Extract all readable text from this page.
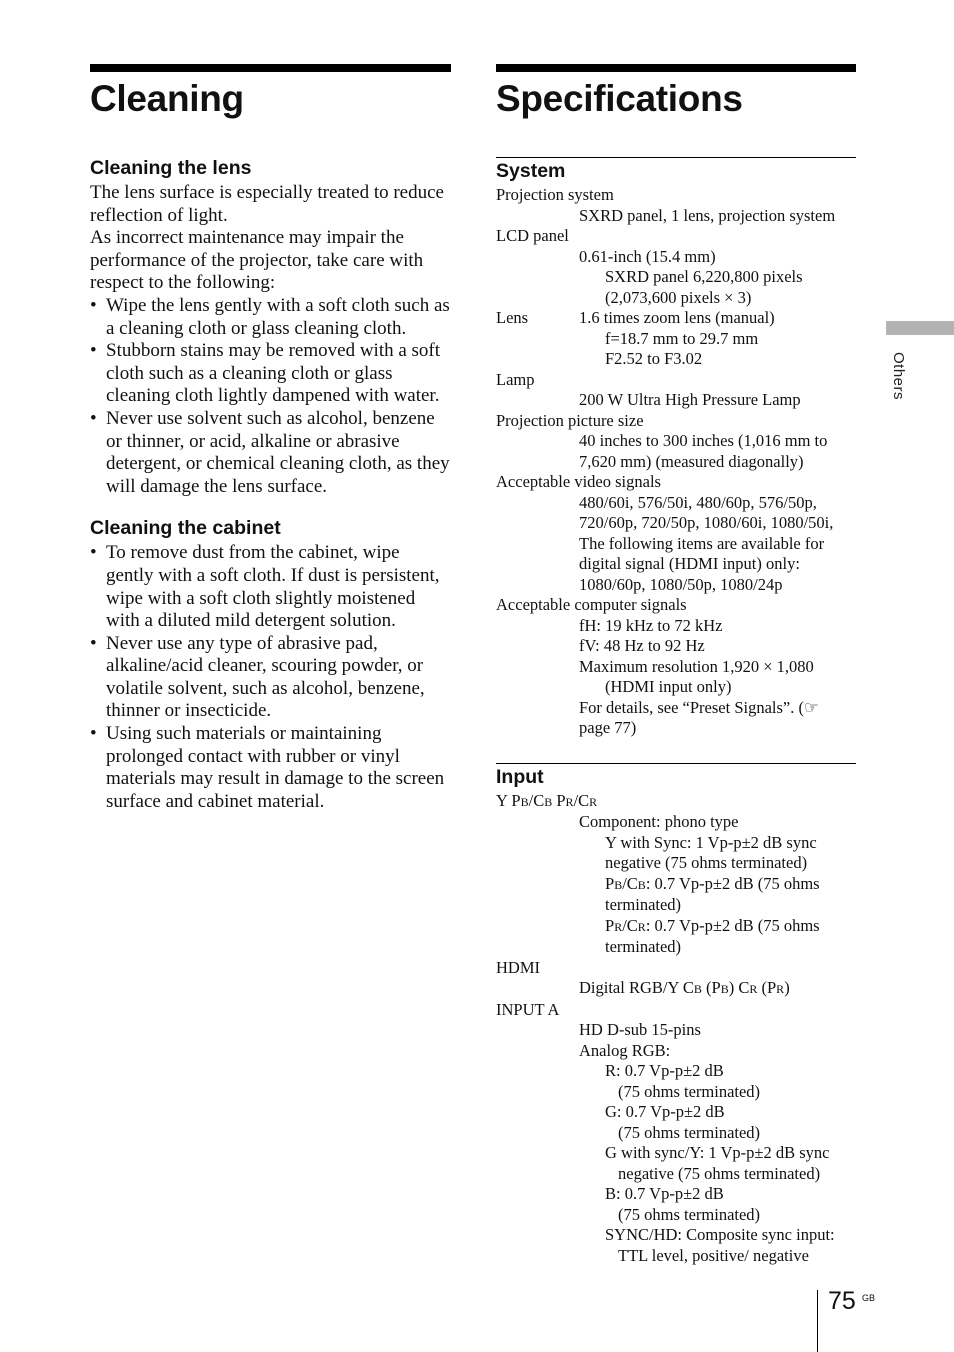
Cleaning
Cleaning the lens
The lens surface is especially treated to reduce reflection of light.
As incorrect maintenance may impair the performance of the projector, take care with respect to the following:
• Wipe the lens gently with a soft cloth such as a cleaning cloth or glass cleaning cloth.
• Stubborn stains may be removed with a soft cloth such as a cleaning cloth or glass cleaning cloth lightly dampened with water.
• Never use solvent such as alcohol, benzene or thinner, or acid, alkaline or abrasive detergent, or chemical cleaning cloth, as they will damage the lens surface.
Cleaning the cabinet
• To remove dust from the cabinet, wipe gently with a soft cloth. If dust is persistent, wipe with a soft cloth slightly moistened with a diluted mild detergent solution.
• Never use any type of abrasive pad, alkaline/acid cleaner, scouring powder, or volatile solvent, such as alcohol, benzene, thinner or insecticide.
• Using such materials or maintaining prolonged contact with rubber or vinyl materials may result in damage to the screen surface and cabinet material.
Specifications
System
Projection system
SXRD panel, 1 lens, projection system
LCD panel
0.61-inch (15.4 mm)
SXRD panel 6,220,800 pixels
(2,073,600 pixels × 3)
Lens	1.6 times zoom lens (manual)
f=18.7 mm to 29.7 mm
F2.52 to F3.02
Lamp
200 W Ultra High Pressure Lamp
Projection picture size
40 inches to 300 inches (1,016 mm to
7,620 mm) (measured diagonally)
Acceptable video signals
480/60i, 576/50i, 480/60p, 576/50p,
720/60p, 720/50p, 1080/60i, 1080/50i,
The following items are available for
digital signal (HDMI input) only:
1080/60p, 1080/50p, 1080/24p
Acceptable computer signals
fH: 19 kHz to 72 kHz
fV: 48 Hz to 92 Hz
Maximum resolution 1,920 × 1,080
(HDMI input only)
For details, see “Preset Signals”. (☞
page 77)
Input
Y PB/CB PR/CR
Component: phono type
Y with Sync: 1 Vp-p±2 dB sync
negative (75 ohms terminated)
PB/CB: 0.7 Vp-p±2 dB (75 ohms
terminated)
PR/CR: 0.7 Vp-p±2 dB (75 ohms
terminated)
HDMI
Digital RGB/Y CB (PB) CR (PR)
INPUT A
HD D-sub 15-pins
Analog RGB:
R: 0.7 Vp-p±2 dB
(75 ohms terminated)
G: 0.7 Vp-p±2 dB
(75 ohms terminated)
G with sync/Y: 1 Vp-p±2 dB sync
negative (75 ohms terminated)
B: 0.7 Vp-p±2 dB
(75 ohms terminated)
SYNC/HD: Composite sync input:
TTL level, positive/ negative
Others
75 GB
